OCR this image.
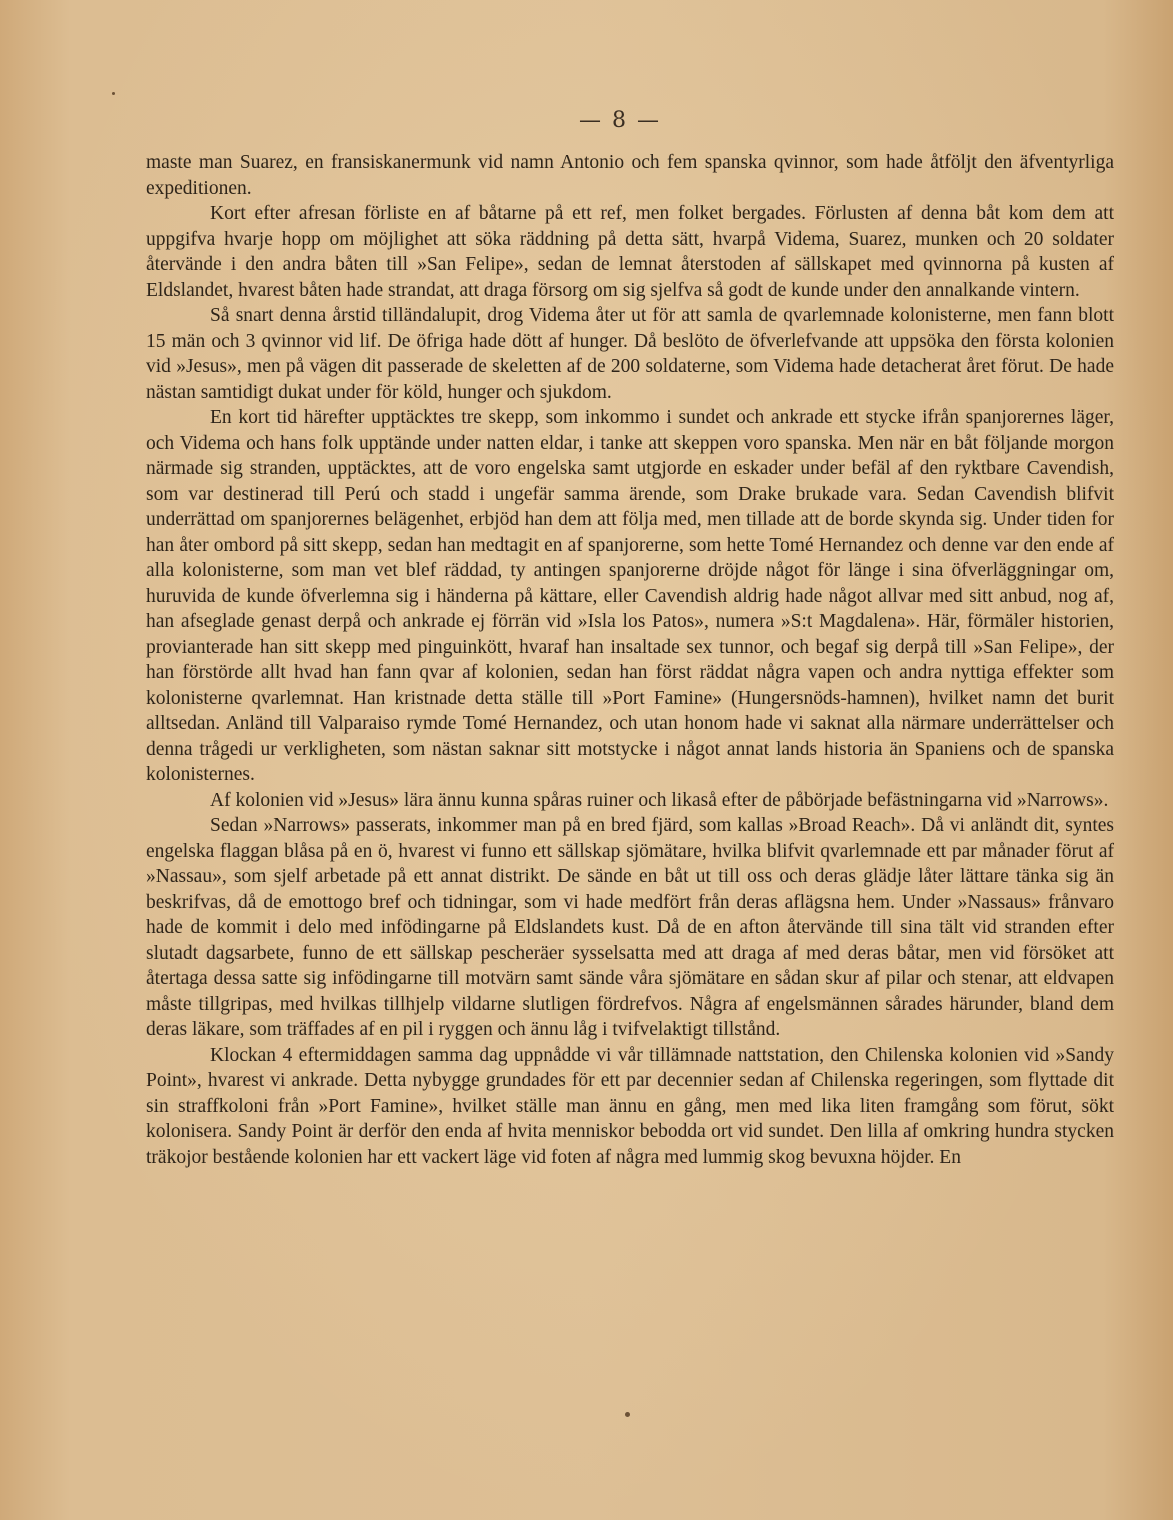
— 8 —

maste man Suarez, en fransiskanermunk vid namn Antonio och fem spanska qvinnor, som hade åtföljt den äfventyrliga expeditionen.

Kort efter afresan förliste en af båtarne på ett ref, men folket bergades. Förlusten af denna båt kom dem att uppgifva hvarje hopp om möjlighet att söka räddning på detta sätt, hvarpå Videma, Suarez, munken och 20 soldater återvände i den andra båten till »San Felipe», sedan de lemnat återstoden af sällskapet med qvinnorna på kusten af Eldslandet, hvarest båten hade strandat, att draga försorg om sig sjelfva så godt de kunde under den annalkande vintern.

Så snart denna årstid tilländalupit, drog Videma åter ut för att samla de qvarlemnade kolonisterne, men fann blott 15 män och 3 qvinnor vid lif. De öfriga hade dött af hunger. Då beslöto de öfverlefvande att uppsöka den första kolonien vid »Jesus», men på vägen dit passerade de skeletten af de 200 soldaterne, som Videma hade detacherat året förut. De hade nästan samtidigt dukat under för köld, hunger och sjukdom.

En kort tid härefter upptäcktes tre skepp, som inkommo i sundet och ankrade ett stycke ifrån spanjorernes läger, och Videma och hans folk upptände under natten eldar, i tanke att skeppen voro spanska. Men när en båt följande morgon närmade sig stranden, upptäcktes, att de voro engelska samt utgjorde en eskader under befäl af den ryktbare Cavendish, som var destinerad till Perú och stadd i ungefär samma ärende, som Drake brukade vara. Sedan Cavendish blifvit underrättad om spanjorernes belägenhet, erbjöd han dem att följa med, men tillade att de borde skynda sig. Under tiden for han åter ombord på sitt skepp, sedan han medtagit en af spanjorerne, som hette Tomé Hernandez och denne var den ende af alla kolonisterne, som man vet blef räddad, ty antingen spanjorerne dröjde något för länge i sina öfverläggningar om, huruvida de kunde öfverlemna sig i händerna på kättare, eller Cavendish aldrig hade något allvar med sitt anbud, nog af, han afseglade genast derpå och ankrade ej förrän vid »Isla los Patos», numera »S:t Magdalena». Här, förmäler historien, provianterade han sitt skepp med pinguinkött, hvaraf han insaltade sex tunnor, och begaf sig derpå till »San Felipe», der han förstörde allt hvad han fann qvar af kolonien, sedan han först räddat några vapen och andra nyttiga effekter som kolonisterne qvarlemnat. Han kristnade detta ställe till »Port Famine» (Hungersnöds-hamnen), hvilket namn det burit alltsedan. Anländ till Valparaiso rymde Tomé Hernandez, och utan honom hade vi saknat alla närmare underrättelser och denna trågedi ur verkligheten, som nästan saknar sitt motstycke i något annat lands historia än Spaniens och de spanska kolonisternes.

Af kolonien vid »Jesus» lära ännu kunna spåras ruiner och likaså efter de påbörjade befästningarna vid »Narrows».

Sedan »Narrows» passerats, inkommer man på en bred fjärd, som kallas »Broad Reach». Då vi anländt dit, syntes engelska flaggan blåsa på en ö, hvarest vi funno ett sällskap sjömätare, hvilka blifvit qvarlemnade ett par månader förut af »Nassau», som sjelf arbetade på ett annat distrikt. De sände en båt ut till oss och deras glädje låter lättare tänka sig än beskrifvas, då de emottogo bref och tidningar, som vi hade medfört från deras aflägsna hem. Under »Nassaus» frånvaro hade de kommit i delo med infödingarne på Eldslandets kust. Då de en afton återvände till sina tält vid stranden efter slutadt dagsarbete, funno de ett sällskap pescheräer sysselsatta med att draga af med deras båtar, men vid försöket att återtaga dessa satte sig infödingarne till motvärn samt sände våra sjömätare en sådan skur af pilar och stenar, att eldvapen måste tillgripas, med hvilkas tillhjelp vildarne slutligen fördrefvos. Några af engelsmännen sårades härunder, bland dem deras läkare, som träffades af en pil i ryggen och ännu låg i tvifvelaktigt tillstånd.

Klockan 4 eftermiddagen samma dag uppnådde vi vår tillämnade nattstation, den Chilenska kolonien vid »Sandy Point», hvarest vi ankrade. Detta nybygge grundades för ett par decennier sedan af Chilenska regeringen, som flyttade dit sin straffkoloni från »Port Famine», hvilket ställe man ännu en gång, men med lika liten framgång som förut, sökt kolonisera. Sandy Point är derför den enda af hvita menniskor bebodda ort vid sundet. Den lilla af omkring hundra stycken träkojor bestående kolonien har ett vackert läge vid foten af några med lummig skog bevuxna höjder. En
